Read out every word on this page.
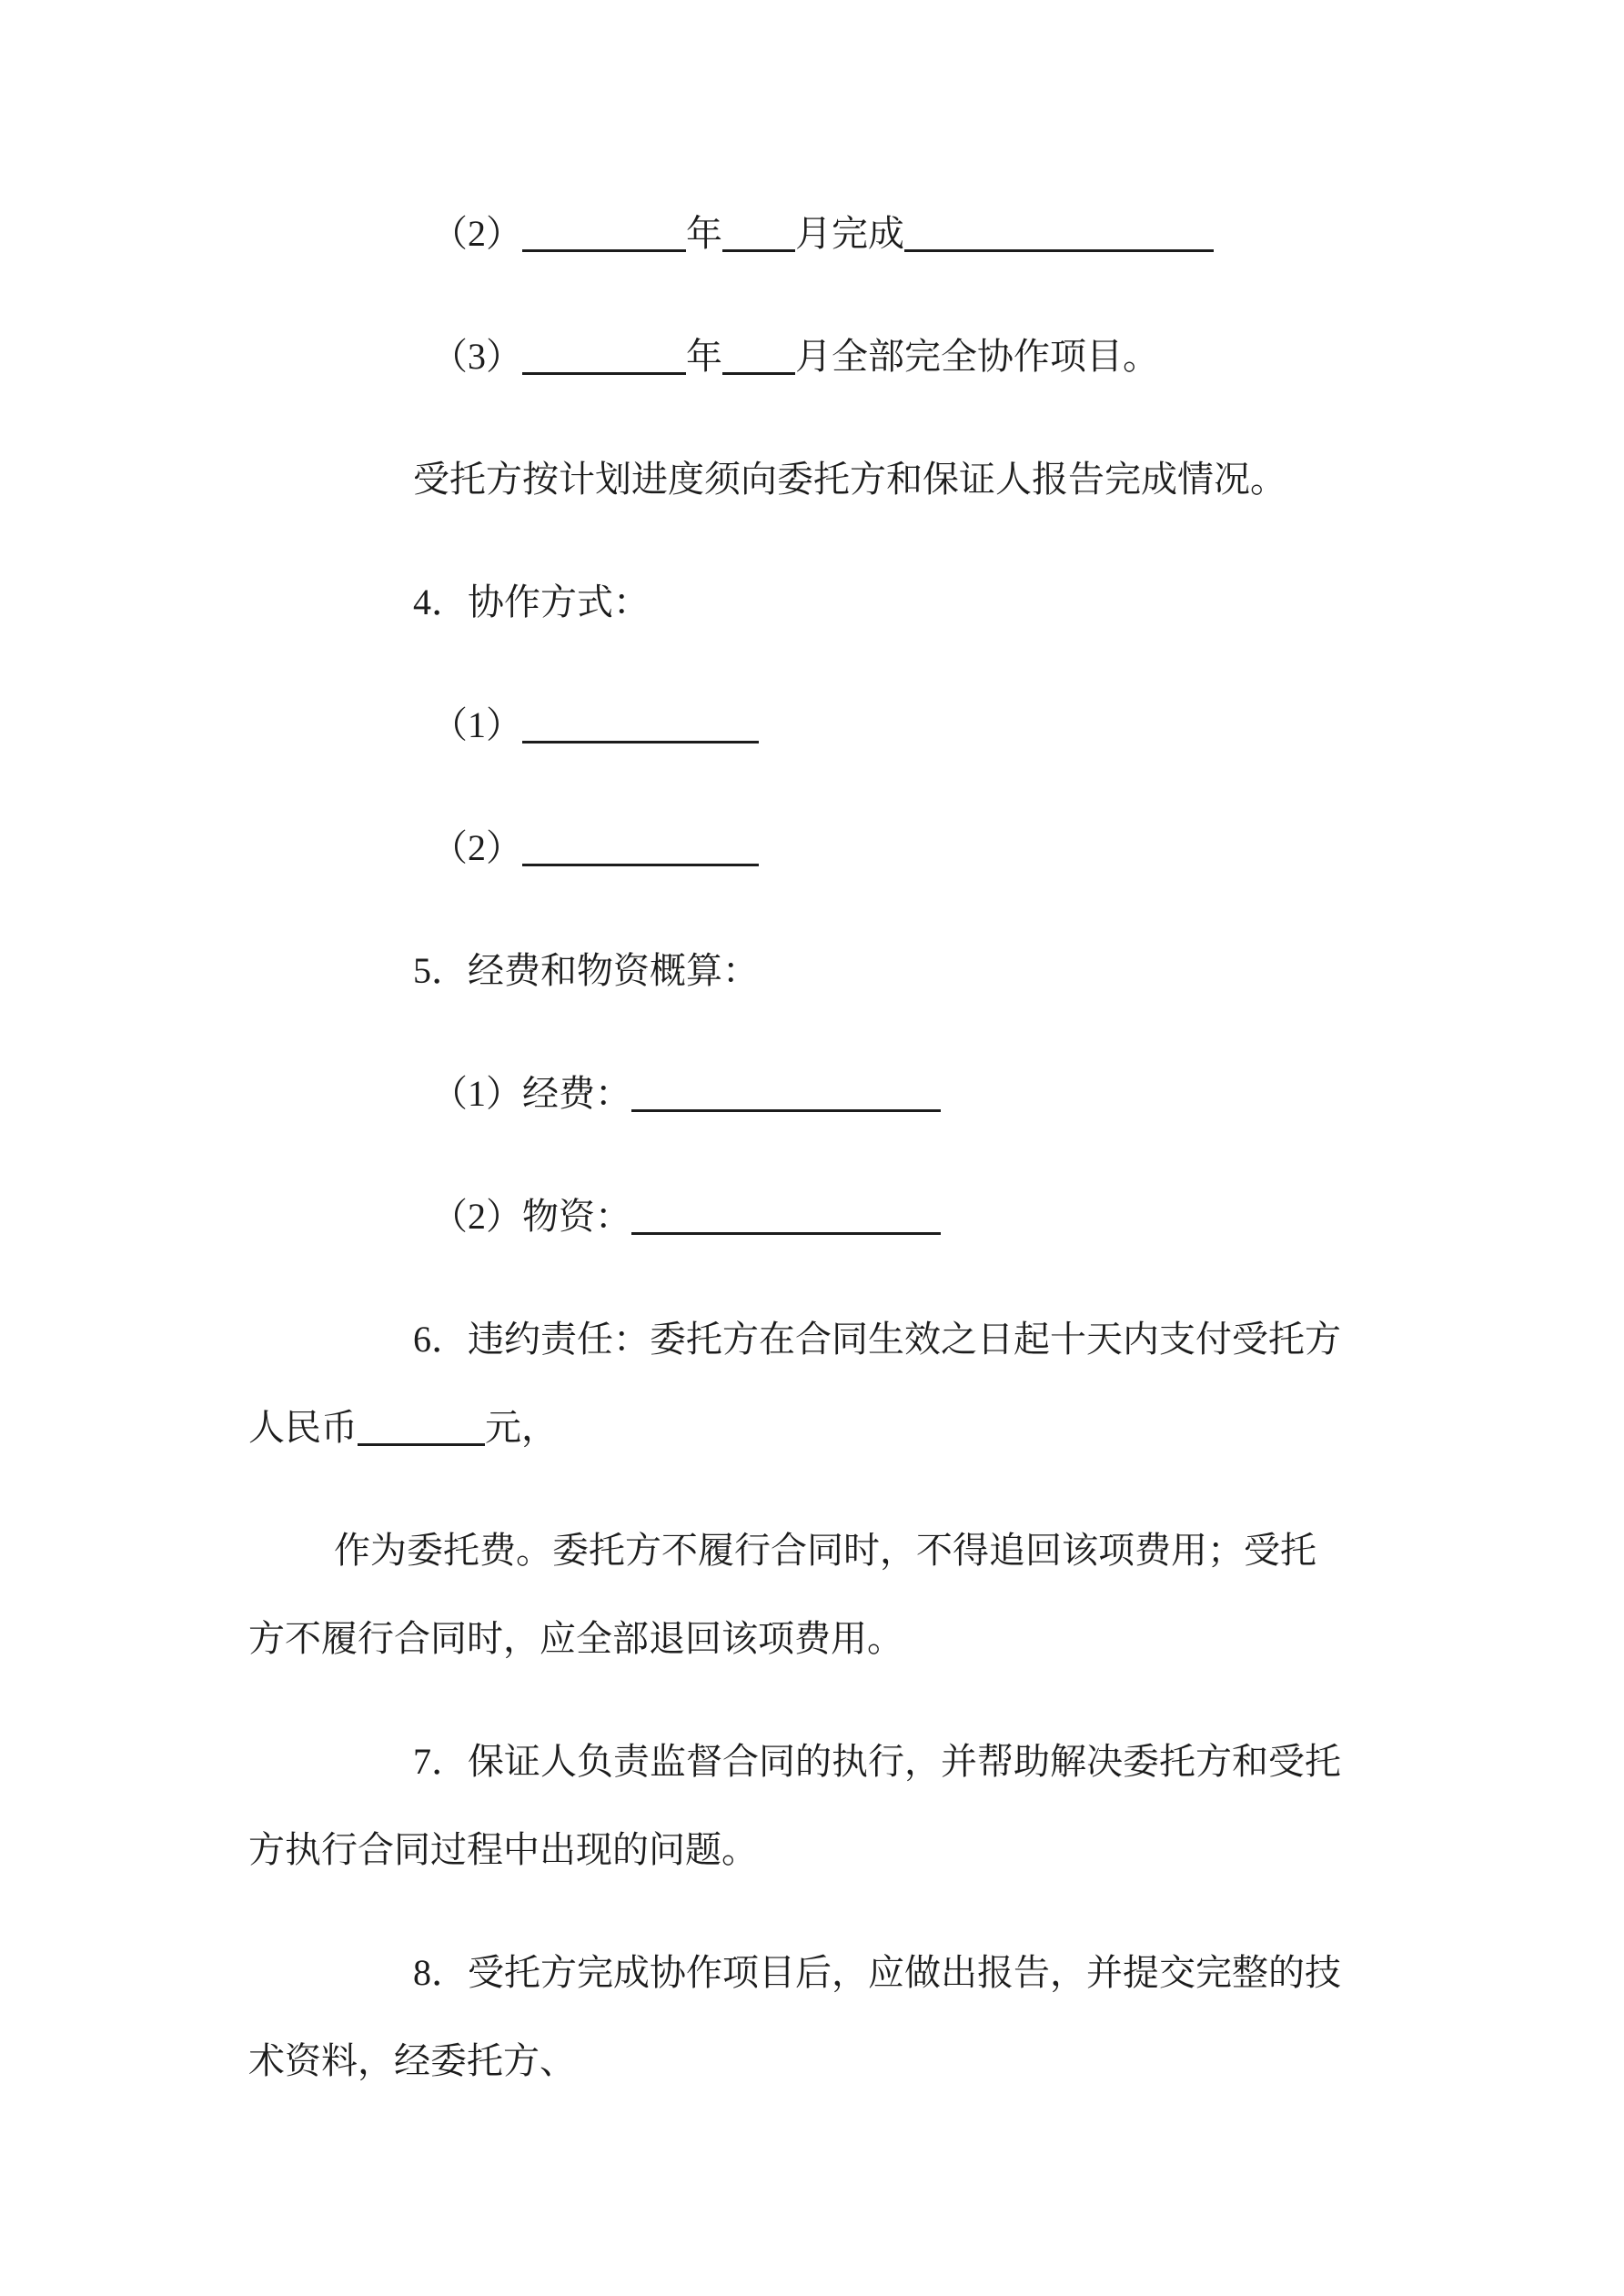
（2）	年 月完成

（3）	年 月全部完全协作项目。

受托方按计划进度须向委托方和保证人报告完成情况。

4．协作方式：

（1）

（2）

5．经费和物资概算：

（1）经费：

（2）物资：

6．违约责任：委托方在合同生效之日起十天内支付受托方

人民币	元，

作为委托费。委托方不履行合同时，不得追回该项费用；受托

方不履行合同时，应全部退回该项费用。

7．保证人负责监督合同的执行，并帮助解决委托方和受托

方执行合同过程中出现的问题。

8．受托方完成协作项目后，应做出报告，并提交完整的技

术资料，经委托方、
